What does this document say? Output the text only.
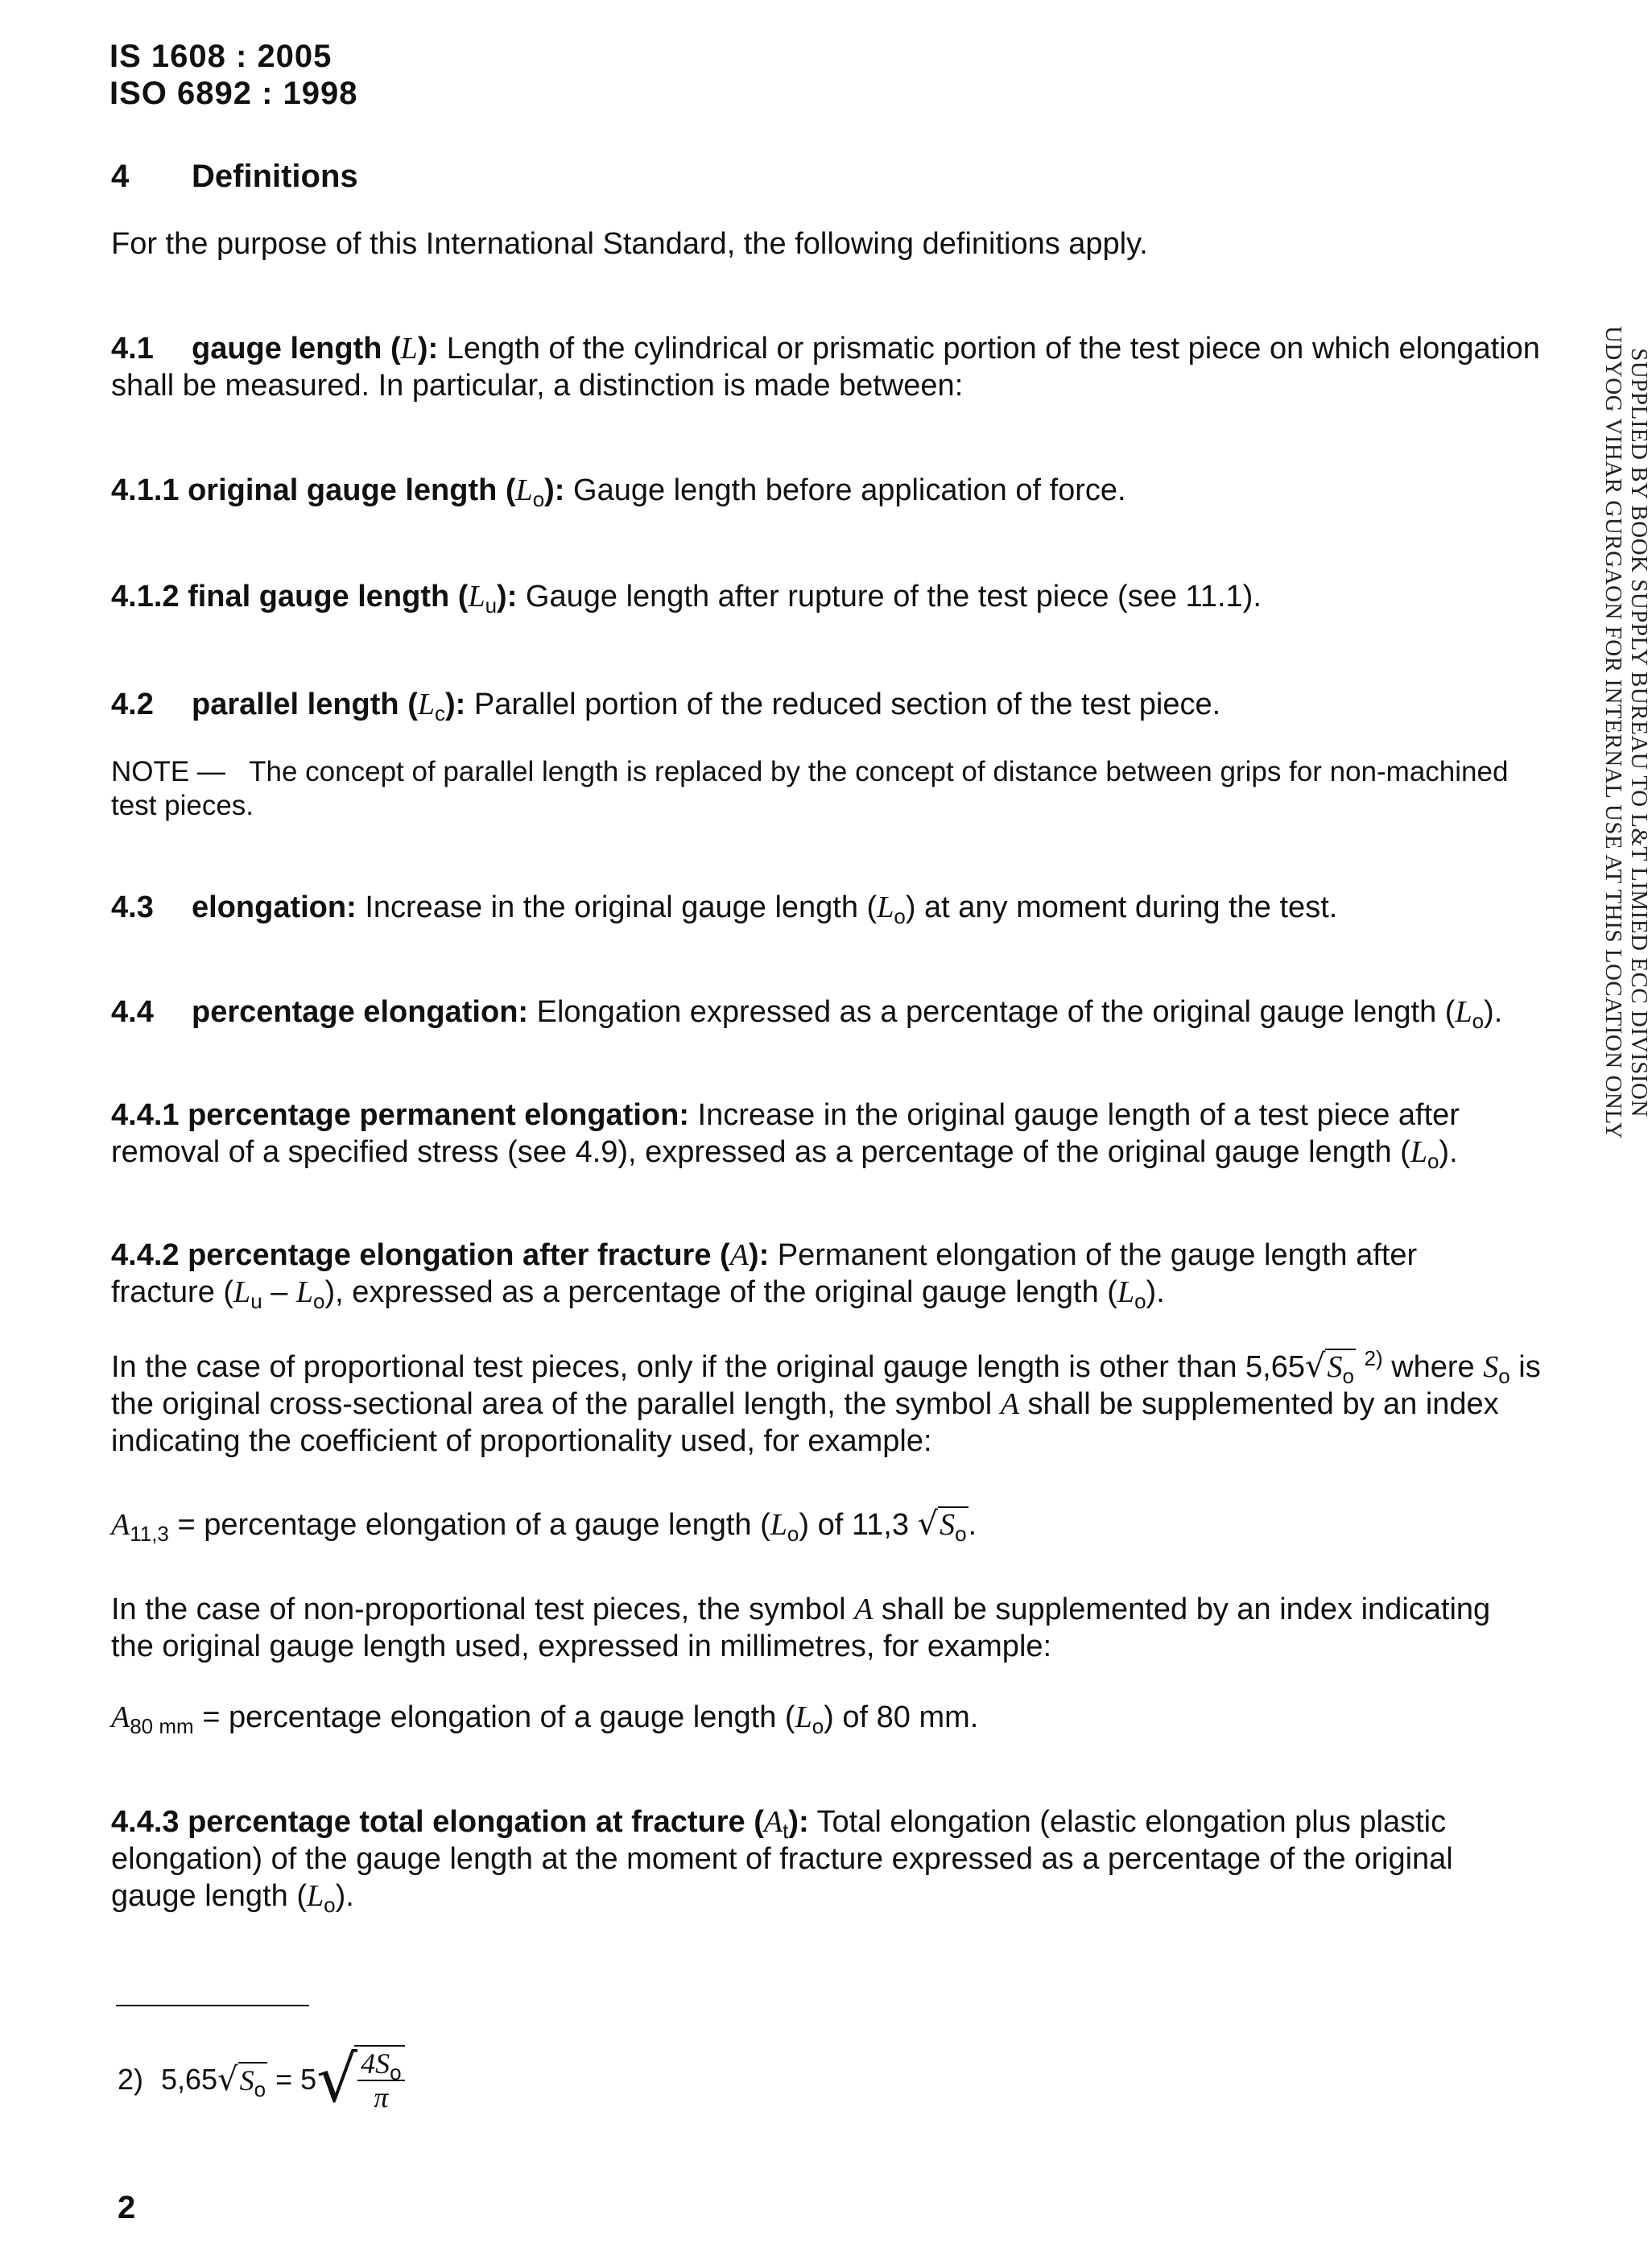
IS 1608 : 2005
ISO 6892 : 1998
4 Definitions
For the purpose of this International Standard, the following definitions apply.
4.1 gauge length (L): Length of the cylindrical or prismatic portion of the test piece on which elongation shall be measured. In particular, a distinction is made between:
4.1.1 original gauge length $(L_o)$: Gauge length before application of force.
4.1.2 final gauge length $(L_u)$: Gauge length after rupture of the test piece (see 11.1).
4.2 parallel length $(L_c)$: Parallel portion of the reduced section of the test piece.
NOTE — The concept of parallel length is replaced by the concept of distance between grips for non-machined test pieces.
4.3 elongation: Increase in the original gauge length $(L_o)$ at any moment during the test.
4.4 percentage elongation: Elongation expressed as a percentage of the original gauge length $(L_o)$.
4.4.1 percentage permanent elongation: Increase in the original gauge length of a test piece after removal of a specified stress (see 4.9), expressed as a percentage of the original gauge length $(L_o)$.
4.4.2 percentage elongation after fracture (A): Permanent elongation of the gauge length after fracture $(L_u - L_o)$, expressed as a percentage of the original gauge length $(L_o)$.
In the case of proportional test pieces, only if the original gauge length is other than $5,65√S_o$ $^{2)}$ where $S_o$ is the original cross-sectional area of the parallel length, the symbol A shall be supplemented by an index indicating the coefficient of proportionality used, for example:
$A_{11,3}$ = percentage elongation of a gauge length $(L_o)$ of 11,3 $√S_o$.
In the case of non-proportional test pieces, the symbol A shall be supplemented by an index indicating the original gauge length used, expressed in millimetres, for example:
$A_{80 mm}$ = percentage elongation of a gauge length $(L_o)$ of 80 mm.
4.4.3 percentage total elongation at fracture $(A_t)$: Total elongation (elastic elongation plus plastic elongation) of the gauge length at the moment of fracture expressed as a percentage of the original gauge length $(L_o)$.
2) 5,65 $√S_o$
= 5 √ $\frac{4S_o}{\pi}$
2
SUPPLIED BY BOOK SUPPLY BUREAU TO L&T LIMIED ECC DIVISION
UDYOG VIHAR GURGAON FOR INTERNAL USE AT THIS LOCATION ONLY
